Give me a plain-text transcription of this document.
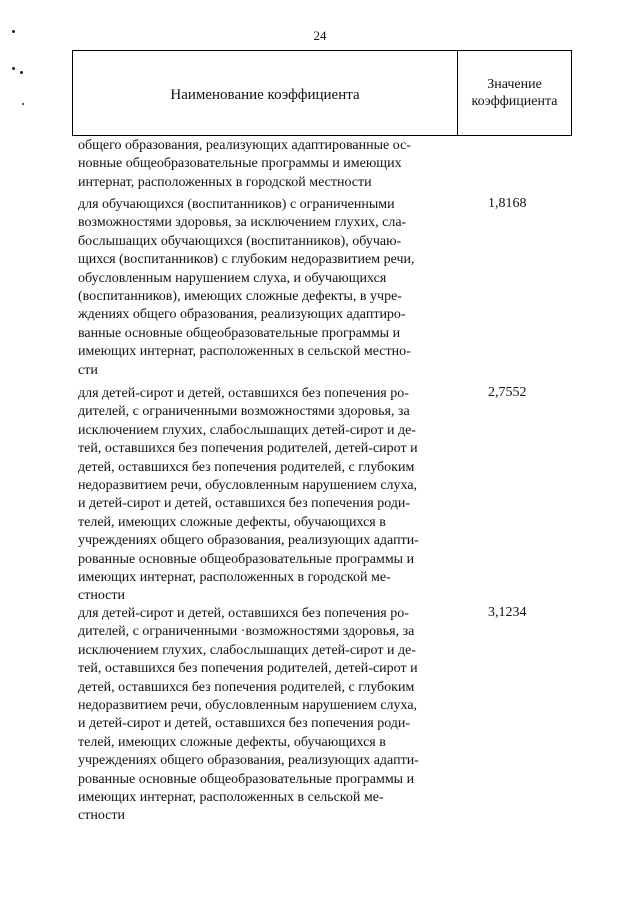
24
Наименование коэффициента
Значение
коэффициента
общего образования, реализующих адаптированные ос-
новные общеобразовательные программы и имеющих
интернат, расположенных в городской местности
для обучающихся (воспитанников) с ограниченными
возможностями здоровья, за исключением глухих, сла-
бослышащих обучающихся (воспитанников), обучаю-
щихся (воспитанников) с глубоким недоразвитием речи,
обусловленным нарушением слуха, и обучающихся
(воспитанников), имеющих сложные дефекты, в учре-
ждениях общего образования, реализующих адаптиро-
ванные основные общеобразовательные программы и
имеющих интернат, расположенных в сельской местно-
сти
1,8168
для детей-сирот и детей, оставшихся без попечения ро-
дителей, с ограниченными возможностями здоровья, за
исключением глухих, слабослышащих детей-сирот и де-
тей, оставшихся без попечения родителей, детей-сирот и
детей, оставшихся без попечения родителей, с глубоким
недоразвитием речи, обусловленным нарушением слуха,
и детей-сирот и детей, оставшихся без попечения роди-
телей, имеющих сложные дефекты, обучающихся в
учреждениях общего образования, реализующих адапти-
рованные основные общеобразовательные программы и
имеющих интернат, расположенных в городской ме-
стности
2,7552
для детей-сирот и детей, оставшихся без попечения ро-
дителей, с ограниченными ·возможностями здоровья, за
исключением глухих, слабослышащих детей-сирот и де-
тей, оставшихся без попечения родителей, детей-сирот и
детей, оставшихся без попечения родителей, с глубоким
недоразвитием речи, обусловленным нарушением слуха,
и детей-сирот и детей, оставшихся без попечения роди-
телей, имеющих сложные дефекты, обучающихся в
учреждениях общего образования, реализующих адапти-
рованные основные общеобразовательные программы и
имеющих интернат, расположенных в сельской ме-
стности
3,1234
